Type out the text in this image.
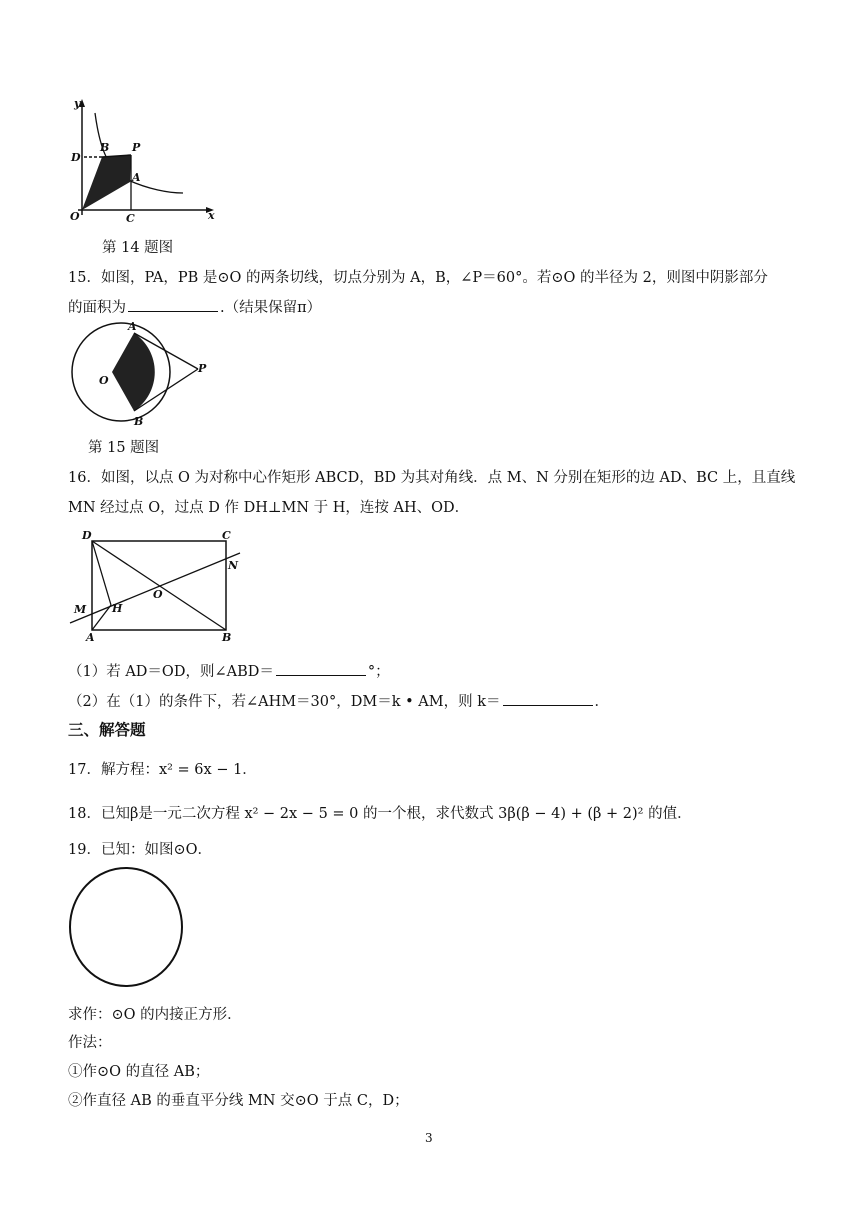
y
x
O	C
D
B P
A
第 14 题图
15．如图，PA，PB 是⊙O 的两条切线，切点分别为 A，B，∠P＝60°。若⊙O 的半径为 2，则图中阴影部分
的面积为	.（结果保留π）
O
A
B
P
第 15 题图
16．如图，以点 O 为对称中心作矩形 ABCD，BD 为其对角线．点 M、N 分别在矩形的边 AD、BC 上，且直线
MN 经过点 O，过点 D 作 DH⊥MN 于 H，连按 AH、OD．
D	C
N
O
M H
A	B
（1）若 AD＝OD，则∠ABD＝	°；
（2）在（1）的条件下，若∠AHM＝30°，DM＝k • AM，则 k＝	．
三、解答题
17．解方程：x² = 6x − 1．
18．已知β是一元二次方程 x² − 2x − 5 = 0 的一个根，求代数式 3β(β − 4) + (β + 2)² 的值．
19．已知：如图⊙O．
求作：⊙O 的内接正方形．
作法：
①作⊙O 的直径 AB；
②作直径 AB 的垂直平分线 MN 交⊙O 于点 C，D；
3
